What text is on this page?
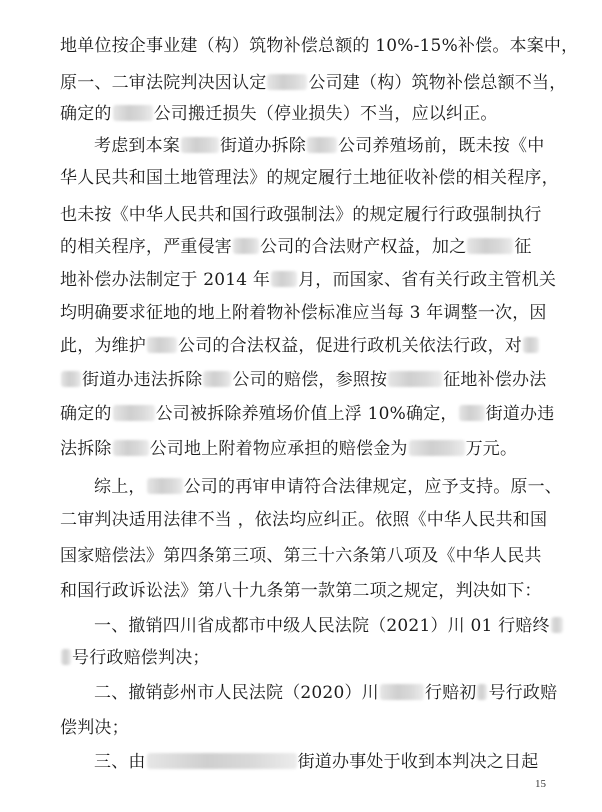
地单位按企事业建（构）筑物补偿总额的 10%-15%补偿。本案中，
原一、二审法院判决因认定 公司建（构）筑物补偿总额不当，
确定的 公司搬迁损失（停业损失）不当，应以纠正。
考虑到本案 街道办拆除 公司养殖场前，既未按《中
华人民共和国土地管理法》的规定履行土地征收补偿的相关程序，
也未按《中华人民共和国行政强制法》的规定履行行政强制执行
的相关程序，严重侵害 公司的合法财产权益，加之	征
地补偿办法制定于 2014 年 月，而国家、省有关行政主管机关
均明确要求征地的地上附着物补偿标准应当每 3 年调整一次，因
此，为维护 公司的合法权益，促进行政机关依法行政，对
街道办违法拆除 公司的赔偿，参照按	征地补偿办法
确定的	公司被拆除养殖场价值上浮 10%确定， 街道办违
法拆除 公司地上附着物应承担的赔偿金为	万元。
综上， 公司的再审申请符合法律规定，应予支持。原一、
二审判决适用法律不当 ，依法均应纠正。依照《中华人民共和国
国家赔偿法》第四条第三项、第三十六条第八项及《中华人民共
和国行政诉讼法》第八十九条第一款第二项之规定，判决如下：
一、撤销四川省成都市中级人民法院（2021）川 01 行赔终
号行政赔偿判决；
二、撤销彭州市人民法院（2020）川	行赔初 号行政赔
偿判决；
三、由	街道办事处于收到本判决之日起
15
